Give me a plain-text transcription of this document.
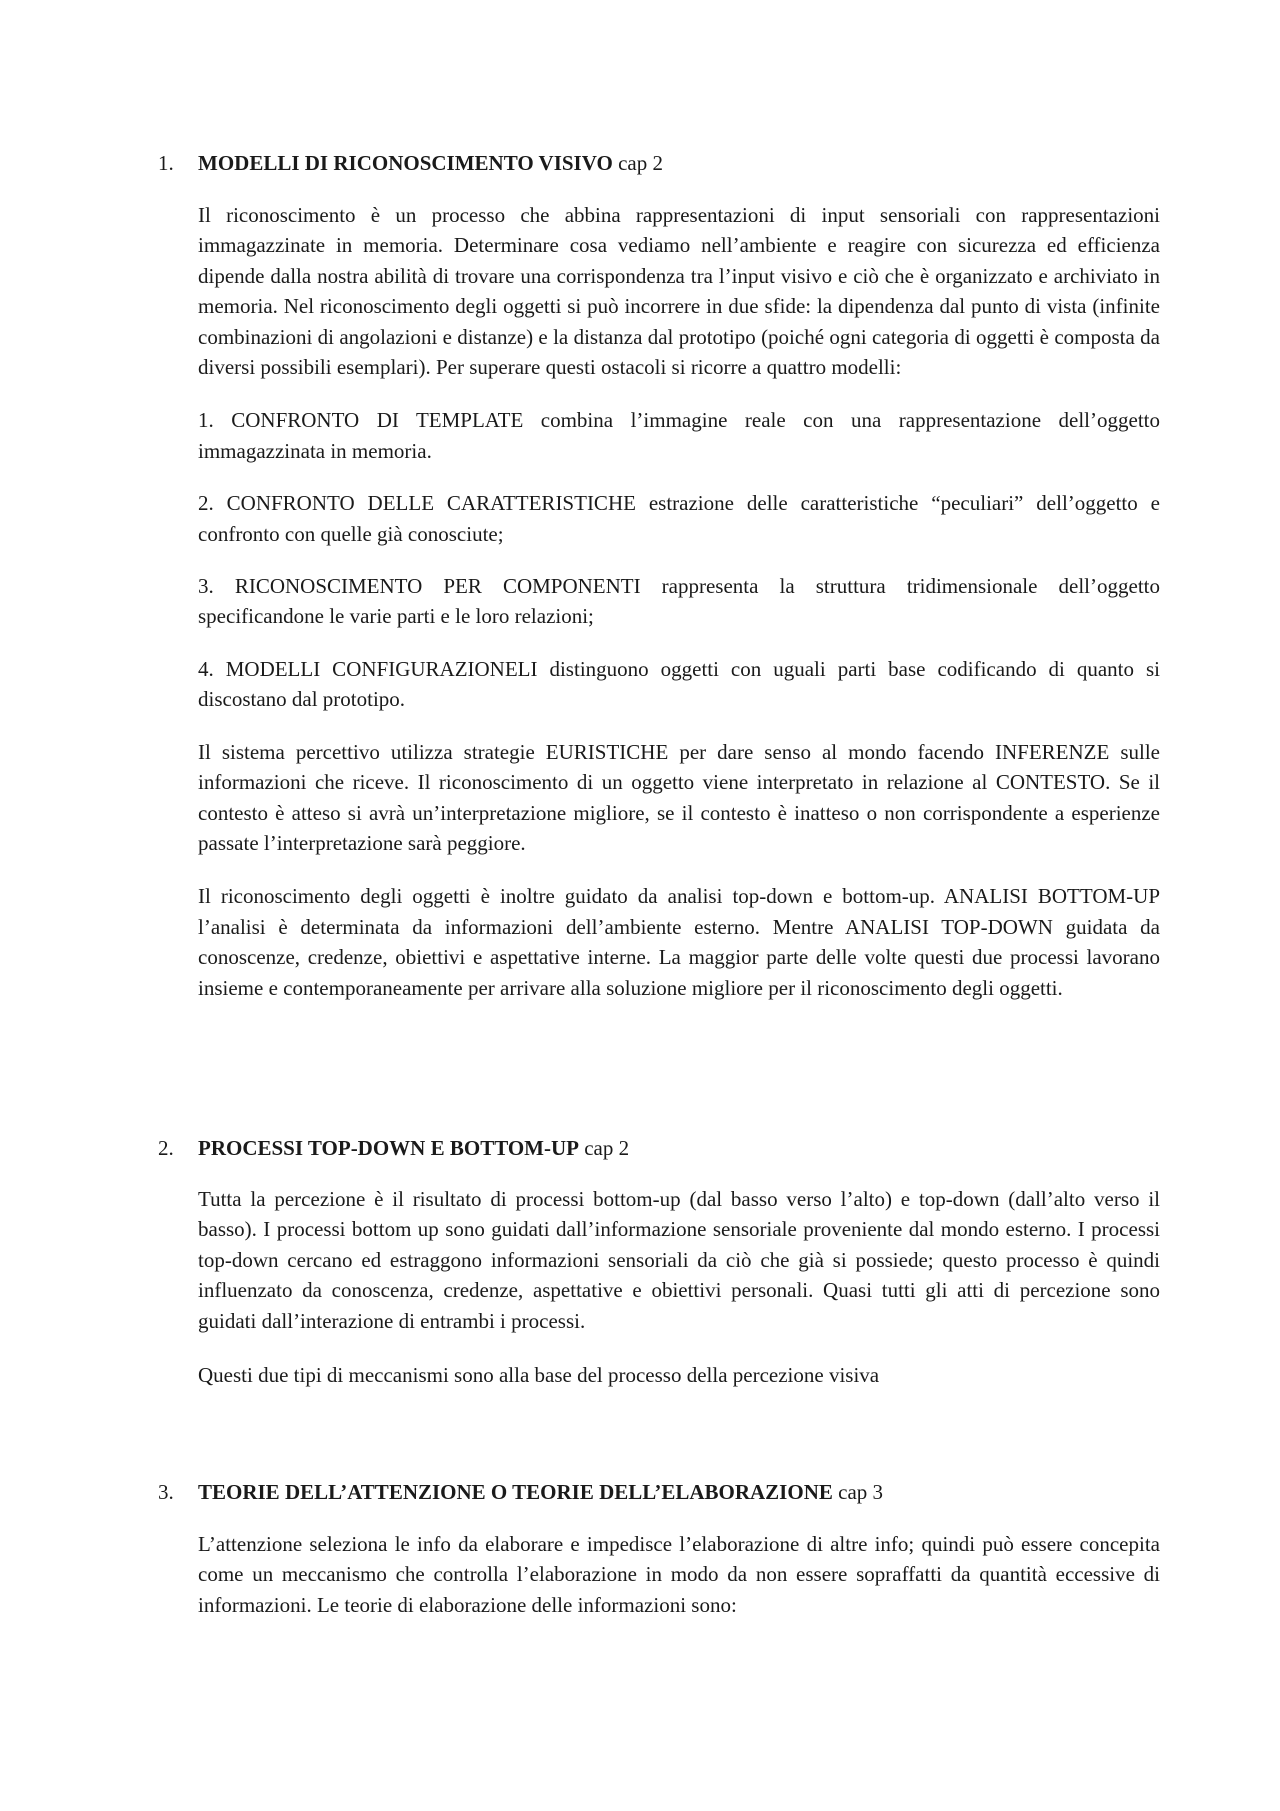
1. MODELLI DI RICONOSCIMENTO VISIVO cap 2

Il riconoscimento è un processo che abbina rappresentazioni di input sensoriali con rappresentazioni immagazzinate in memoria. Determinare cosa vediamo nell’ambiente e reagire con sicurezza ed efficienza dipende dalla nostra abilità di trovare una corrispondenza tra l’input visivo e ciò che è organizzato e archiviato in memoria. Nel riconoscimento degli oggetti si può incorrere in due sfide: la dipendenza dal punto di vista (infinite combinazioni di angolazioni e distanze) e la distanza dal prototipo (poiché ogni categoria di oggetti è composta da diversi possibili esemplari). Per superare questi ostacoli si ricorre a quattro modelli:

1. CONFRONTO DI TEMPLATE combina l’immagine reale con una rappresentazione dell’oggetto immagazzinata in memoria.

2. CONFRONTO DELLE CARATTERISTICHE estrazione delle caratteristiche “peculiari” dell’oggetto e confronto con quelle già conosciute;

3. RICONOSCIMENTO PER COMPONENTI rappresenta la struttura tridimensionale dell’oggetto specificandone le varie parti e le loro relazioni;

4. MODELLI CONFIGURAZIONELI distinguono oggetti con uguali parti base codificando di quanto si discostano dal prototipo.

Il sistema percettivo utilizza strategie EURISTICHE per dare senso al mondo facendo INFERENZE sulle informazioni che riceve. Il riconoscimento di un oggetto viene interpretato in relazione al CONTESTO. Se il contesto è atteso si avrà un’interpretazione migliore, se il contesto è inatteso o non corrispondente a esperienze passate l’interpretazione sarà peggiore.

Il riconoscimento degli oggetti è inoltre guidato da analisi top-down e bottom-up. ANALISI BOTTOM-UP l’analisi è determinata da informazioni dell’ambiente esterno. Mentre ANALISI TOP-DOWN guidata da conoscenze, credenze, obiettivi e aspettative interne. La maggior parte delle volte questi due processi lavorano insieme e contemporaneamente per arrivare alla soluzione migliore per il riconoscimento degli oggetti.

2. PROCESSI TOP-DOWN E BOTTOM-UP cap 2

Tutta la percezione è il risultato di processi bottom-up (dal basso verso l’alto) e top-down (dall’alto verso il basso). I processi bottom up sono guidati dall’informazione sensoriale proveniente dal mondo esterno. I processi top-down cercano ed estraggono informazioni sensoriali da ciò che già si possiede; questo processo è quindi influenzato da conoscenza, credenze, aspettative e obiettivi personali. Quasi tutti gli atti di percezione sono guidati dall’interazione di entrambi i processi.

Questi due tipi di meccanismi sono alla base del processo della percezione visiva

3. TEORIE DELL’ATTENZIONE O TEORIE DELL’ELABORAZIONE cap 3

L’attenzione seleziona le info da elaborare e impedisce l’elaborazione di altre info; quindi può essere concepita come un meccanismo che controlla l’elaborazione in modo da non essere sopraffatti da quantità eccessive di informazioni. Le teorie di elaborazione delle informazioni sono:
